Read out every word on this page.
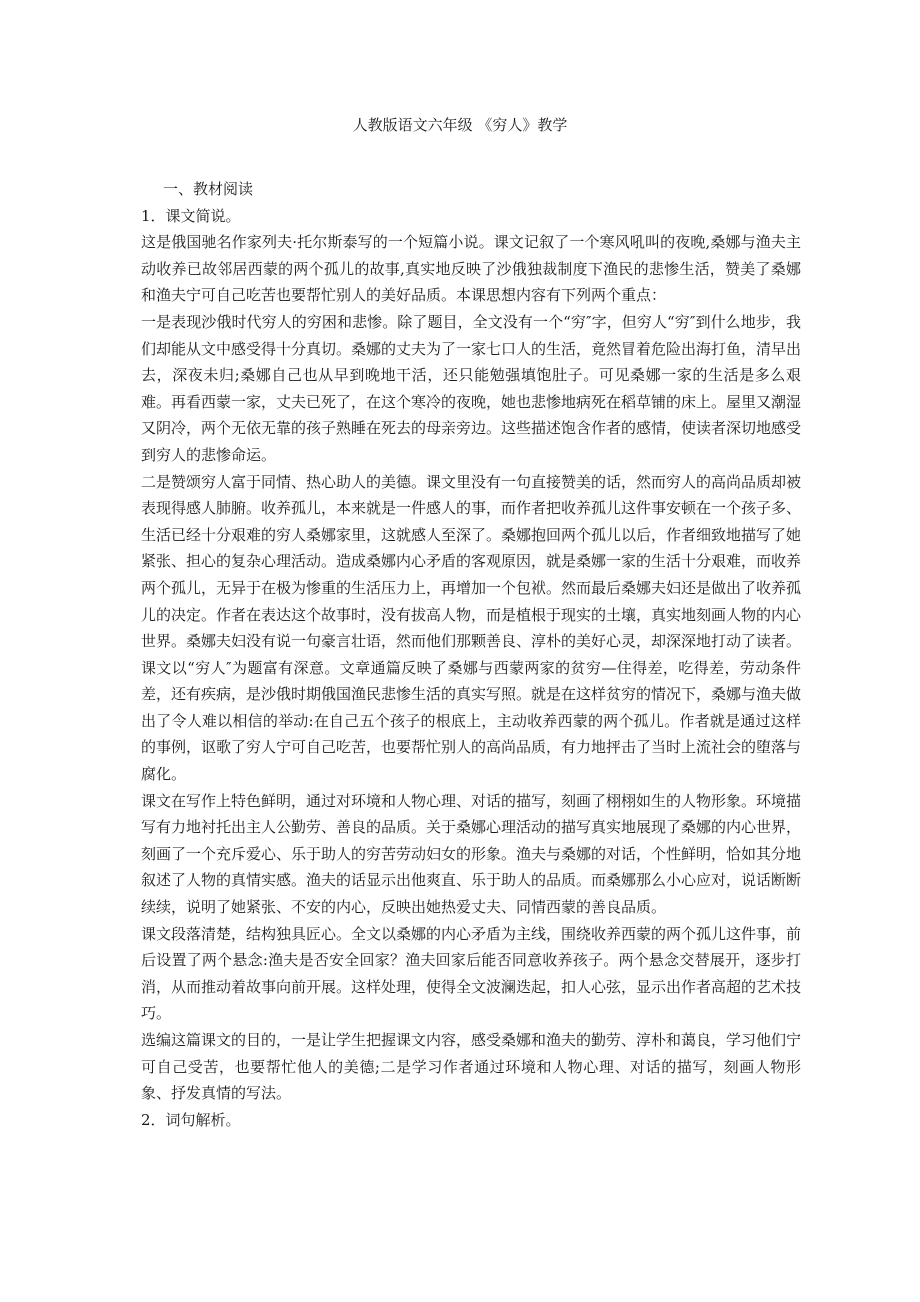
人教版语文六年级 《穷人》教学

一、教材阅读

1．课文简说。

这是俄国驰名作家列夫·托尔斯泰写的一个短篇小说。课文记叙了一个寒风吼叫的夜晚,桑娜与渔夫主动收养已故邻居西蒙的两个孤儿的故事,真实地反映了沙俄独裁制度下渔民的悲惨生活，赞美了桑娜和渔夫宁可自己吃苦也要帮忙别人的美好品质。本课思想内容有下列两个重点：

一是表现沙俄时代穷人的穷困和悲惨。除了题目，全文没有一个“穷″字，但穷人“穷″到什么地步，我们却能从文中感受得十分真切。桑娜的丈夫为了一家七口人的生活，竟然冒着危险出海打鱼，清早出去，深夜未归;桑娜自己也从早到晚地干活，还只能勉强填饱肚子。可见桑娜一家的生活是多么艰难。再看西蒙一家，丈夫已死了，在这个寒冷的夜晚，她也悲惨地病死在稻草铺的床上。屋里又潮湿又阴冷，两个无依无靠的孩子熟睡在死去的母亲旁边。这些描述饱含作者的感情，使读者深切地感受到穷人的悲惨命运。

二是赞颂穷人富于同情、热心助人的美德。课文里没有一句直接赞美的话，然而穷人的高尚品质却被表现得感人肺腑。收养孤儿，本来就是一件感人的事，而作者把收养孤儿这件事安顿在一个孩子多、生活已经十分艰难的穷人桑娜家里，这就感人至深了。桑娜抱回两个孤儿以后，作者细致地描写了她紧张、担心的复杂心理活动。造成桑娜内心矛盾的客观原因，就是桑娜一家的生活十分艰难，而收养两个孤儿，无异于在极为惨重的生活压力上，再增加一个包袱。然而最后桑娜夫妇还是做出了收养孤儿的决定。作者在表达这个故事时，没有拔高人物，而是植根于现实的土壤，真实地刻画人物的内心世界。桑娜夫妇没有说一句豪言壮语，然而他们那颗善良、淳朴的美好心灵，却深深地打动了读者。

课文以“穷人″为题富有深意。文章通篇反映了桑娜与西蒙两家的贫穷—住得差，吃得差，劳动条件差，还有疾病，是沙俄时期俄国渔民悲惨生活的真实写照。就是在这样贫穷的情况下，桑娜与渔夫做出了令人难以相信的举动:在自己五个孩子的根底上，主动收养西蒙的两个孤儿。作者就是通过这样的事例，讴歌了穷人宁可自己吃苦，也要帮忙别人的高尚品质，有力地抨击了当时上流社会的堕落与腐化。

课文在写作上特色鲜明，通过对环境和人物心理、对话的描写，刻画了栩栩如生的人物形象。环境描写有力地衬托出主人公勤劳、善良的品质。关于桑娜心理活动的描写真实地展现了桑娜的内心世界，刻画了一个充斥爱心、乐于助人的穷苦劳动妇女的形象。渔夫与桑娜的对话，个性鲜明，恰如其分地叙述了人物的真情实感。渔夫的话显示出他爽直、乐于助人的品质。而桑娜那么小心应对，说话断断续续，说明了她紧张、不安的内心，反映出她热爱丈夫、同情西蒙的善良品质。

课文段落清楚，结构独具匠心。全文以桑娜的内心矛盾为主线，围绕收养西蒙的两个孤儿这件事，前后设置了两个悬念:渔夫是否安全回家？渔夫回家后能否同意收养孩子。两个悬念交替展开，逐步打消，从而推动着故事向前开展。这样处理，使得全文波澜迭起，扣人心弦，显示出作者高超的艺术技巧。

选编这篇课文的目的，一是让学生把握课文内容，感受桑娜和渔夫的勤劳、淳朴和蔼良，学习他们宁可自己受苦，也要帮忙他人的美德;二是学习作者通过环境和人物心理、对话的描写，刻画人物形象、抒发真情的写法。

2．词句解析。
